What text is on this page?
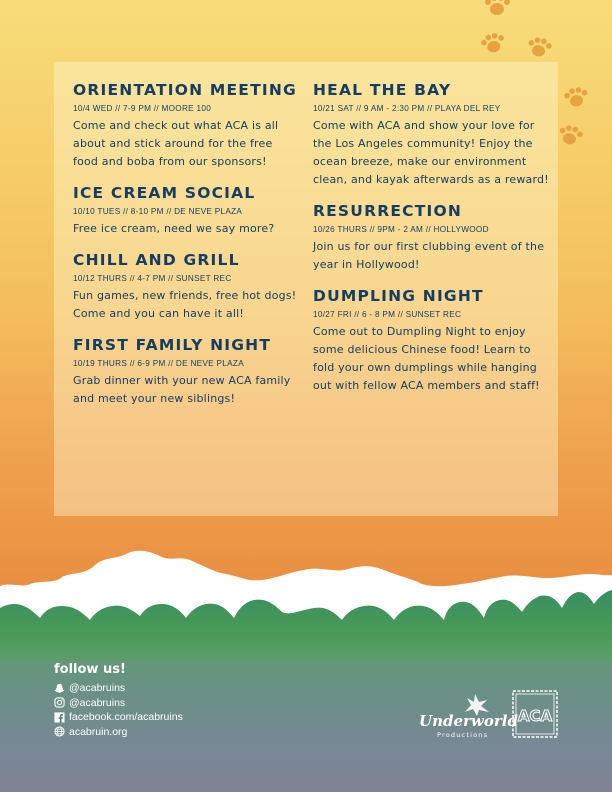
ORIENTATION MEETING
10/4 WED // 7-9 PM // MOORE 100
Come and check out what ACA is all about and stick around for the free food and boba from our sponsors!
ICE CREAM SOCIAL
10/10 TUES // 8-10 PM // DE NEVE PLAZA
Free ice cream, need we say more?
CHILL AND GRILL
10/12 THURS // 4-7 PM // SUNSET REC
Fun games, new friends, free hot dogs! Come and you can have it all!
FIRST FAMILY NIGHT
10/19 THURS // 6-9 PM // DE NEVE PLAZA
Grab dinner with your new ACA family and meet your new siblings!
HEAL THE BAY
10/21 SAT // 9 AM - 2:30 PM // PLAYA DEL REY
Come with ACA and show your love for the Los Angeles community! Enjoy the ocean breeze, make our environment clean, and kayak afterwards as a reward!
RESURRECTION
10/26 THURS // 9PM - 2 AM // HOLLYWOOD
Join us for our first clubbing event of the year in Hollywood!
DUMPLING NIGHT
10/27 FRI // 6 - 8 PM // SUNSET REC
Come out to Dumpling Night to enjoy some delicious Chinese food! Learn to fold your own dumplings while hanging out with fellow ACA members and staff!
follow us!
@acabruins
@acabruins
facebook.com/acabruins
acabruin.org
Underworld
Productions
ACA
